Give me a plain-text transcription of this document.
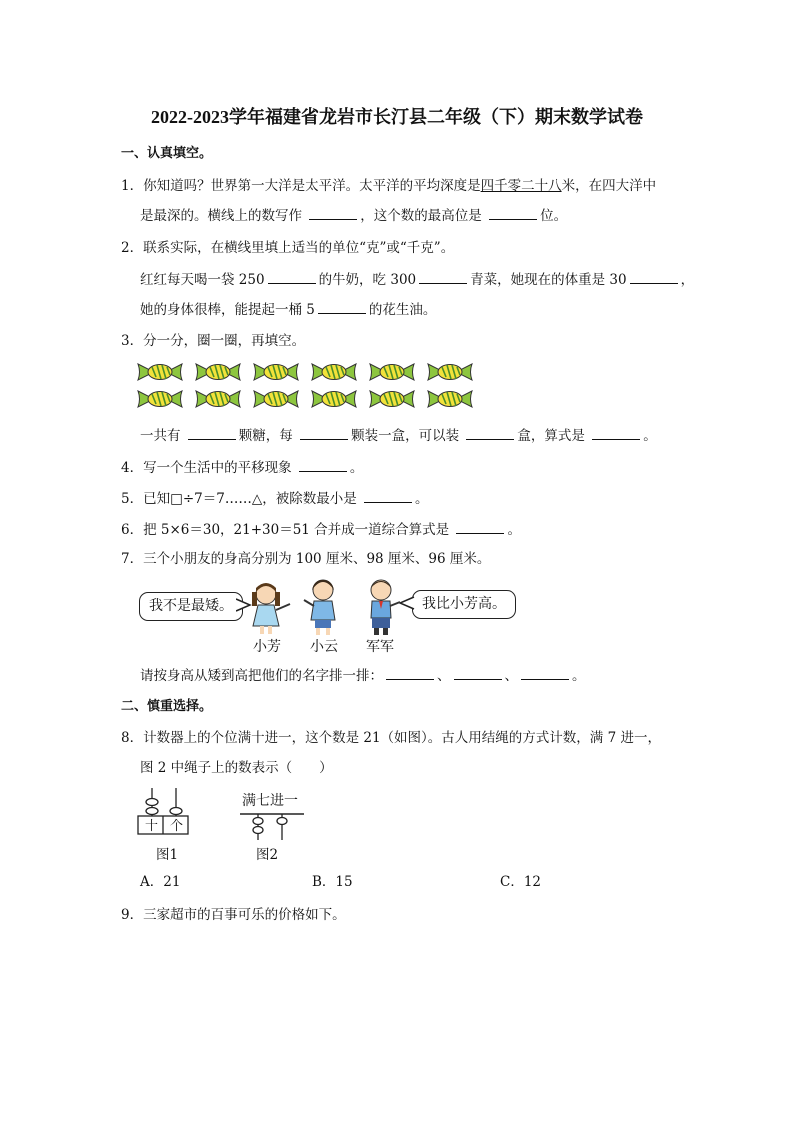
2022-2023学年福建省龙岩市长汀县二年级（下）期末数学试卷
一、认真填空。
1．你知道吗？世界第一大洋是太平洋。太平洋的平均深度是四千零二十八米，在四大洋中
是最深的。横线上的数写作	，这个数的最高位是	位。
2．联系实际，在横线里填上适当的单位“克”或“千克”。
红红每天喝一袋 250	的牛奶，吃 300	青菜，她现在的体重是 30	，
她的身体很棒，能提起一桶 5	的花生油。
3．分一分，圈一圈，再填空。
一共有	颗糖，每	颗装一盒，可以装	盒，算式是	。
4．写一个生活中的平移现象	。
5．已知□÷7＝7……△，被除数最小是	。
6．把 5×6＝30，21+30＝51 合并成一道综合算式是	。
7．三个小朋友的身高分别为 100 厘米、98 厘米、96 厘米。
我不是最矮。	我比小芳高。
小芳 小云 军军
请按身高从矮到高把他们的名字排一排：	、	、	。
二、慎重选择。
8．计数器上的个位满十进一，这个数是 21（如图）。古人用结绳的方式计数，满 7 进一，
图 2 中绳子上的数表示（　　）
十 个
满七进一
图1	图2
A．21	B．15	C．12
9．三家超市的百事可乐的价格如下。
